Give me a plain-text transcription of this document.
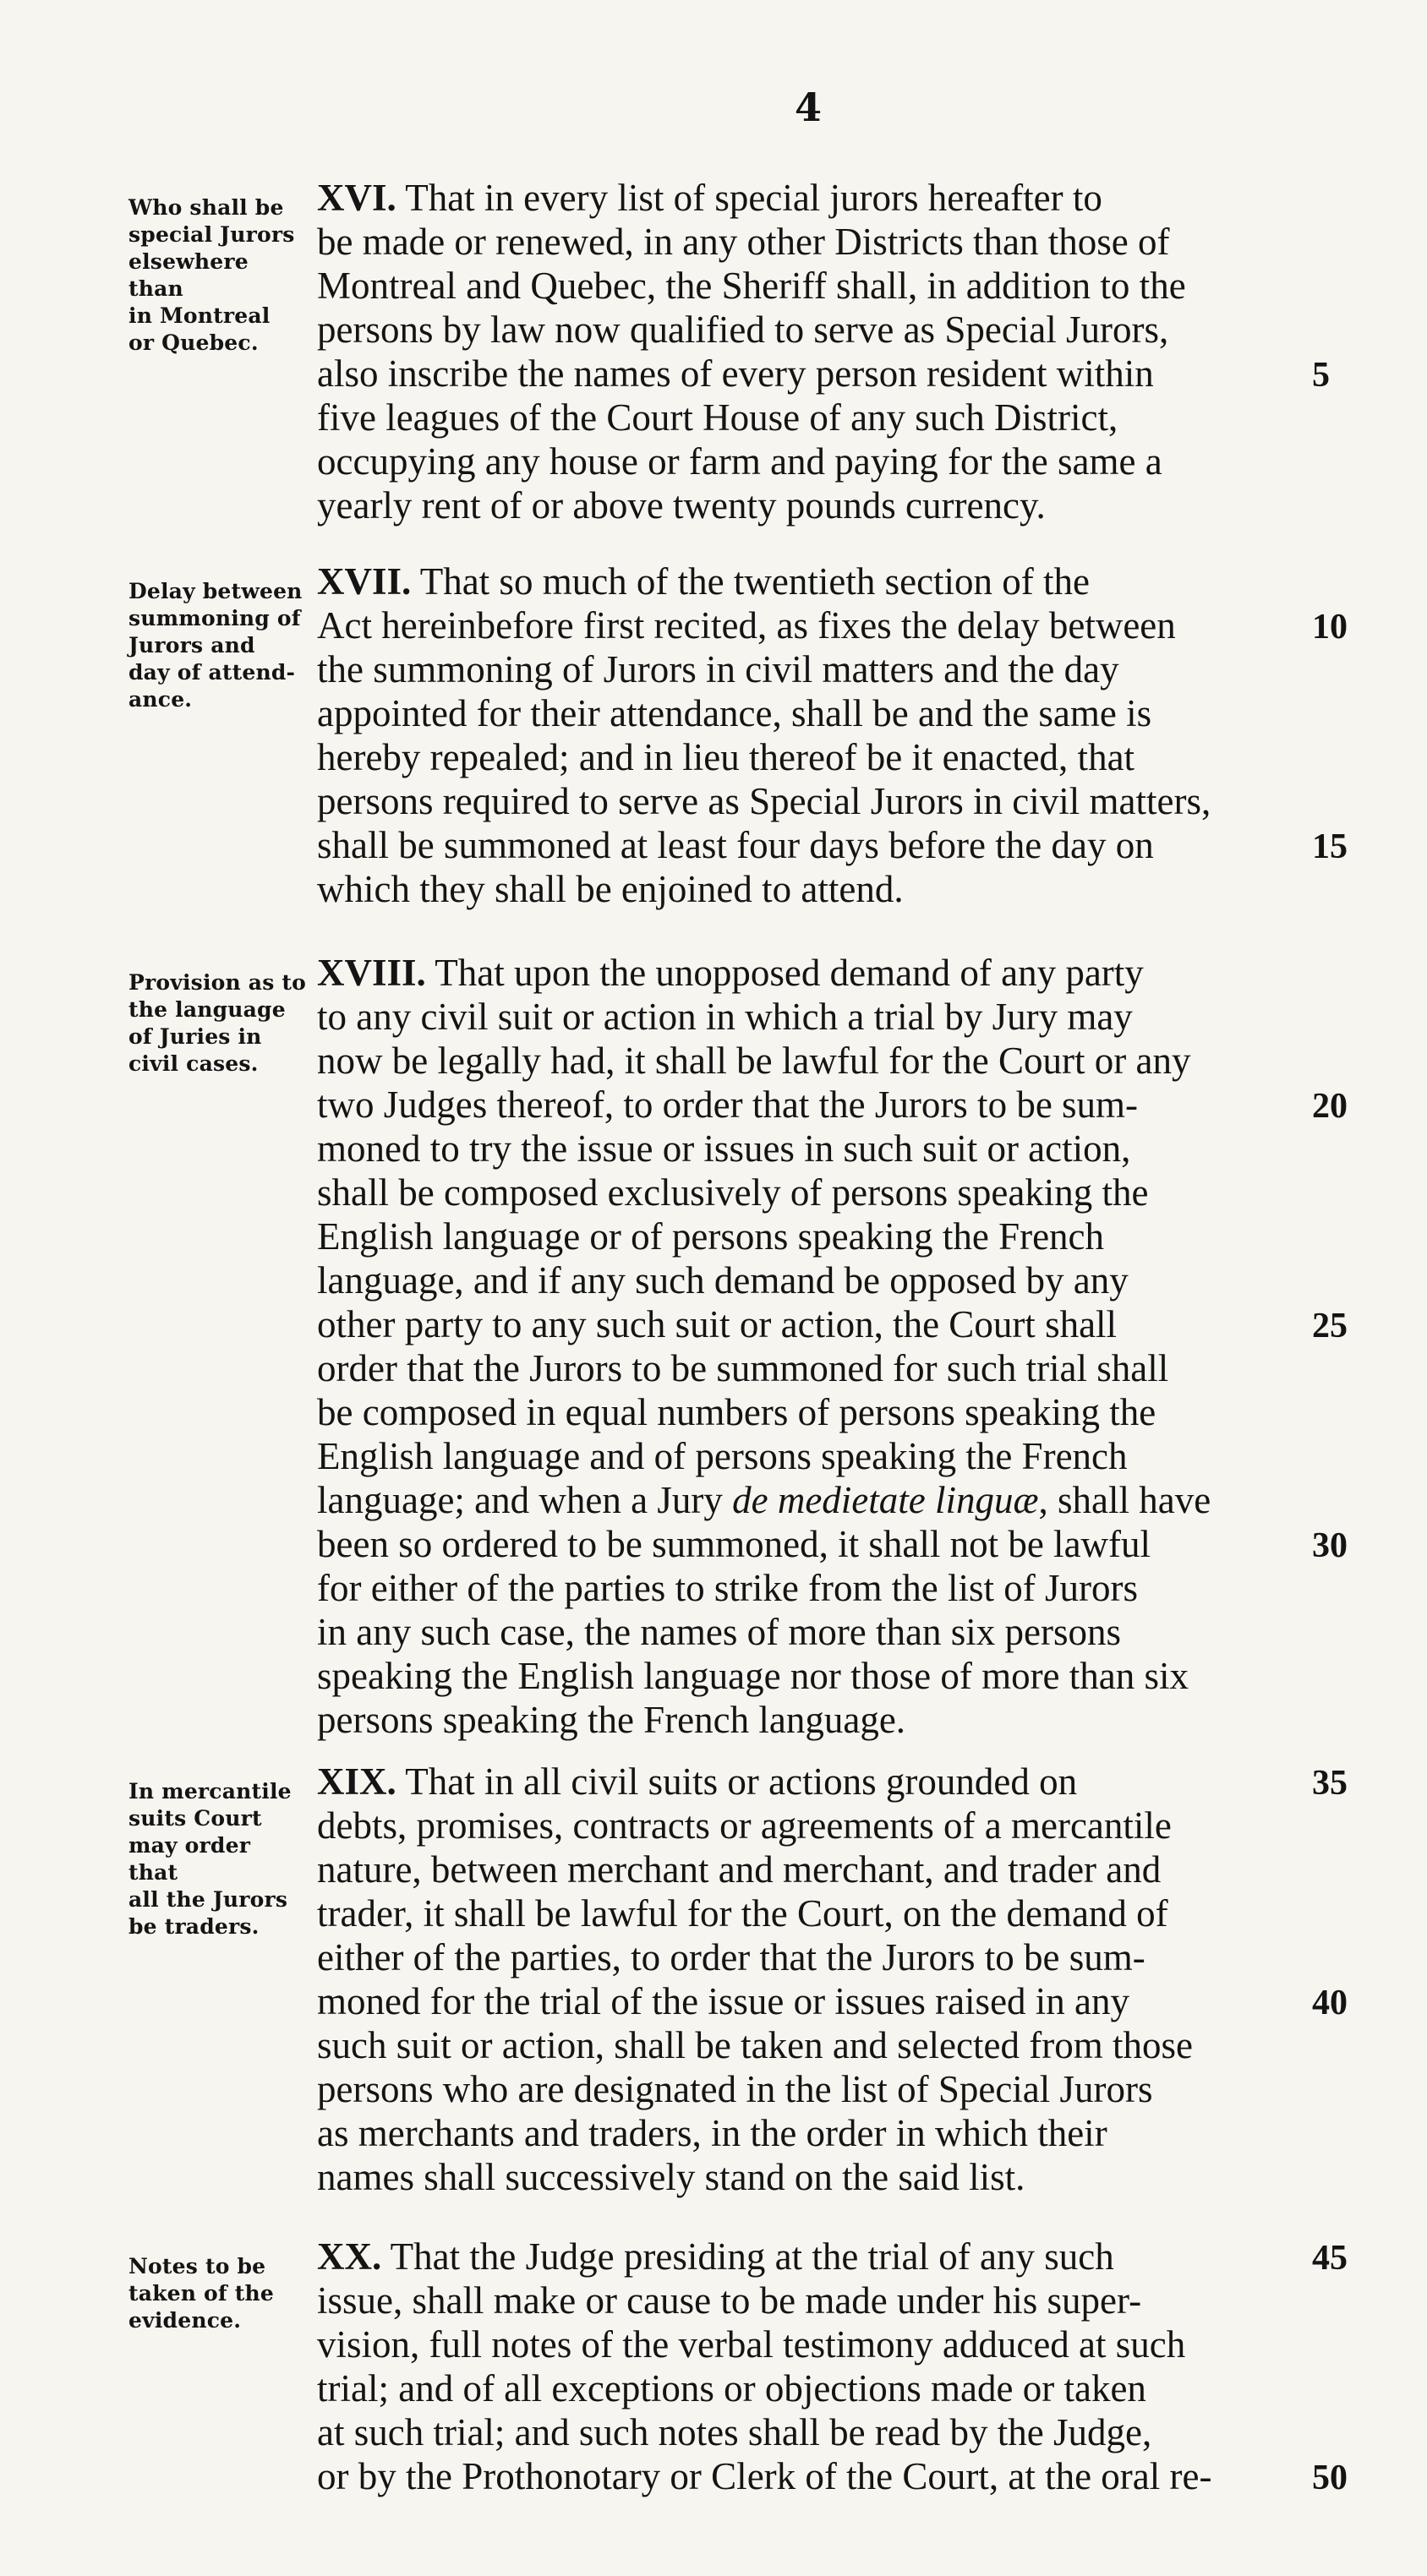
4
Who shall be
special Jurors
elsewhere than
in Montreal
or Quebec.
XVI. That in every list of special jurors hereafter to
be made or renewed, in any other Districts than those of
Montreal and Quebec, the Sheriff shall, in addition to the
persons by law now qualified to serve as Special Jurors,
also inscribe the names of every person resident within	5
five leagues of the Court House of any such District,
occupying any house or farm and paying for the same a
yearly rent of or above twenty pounds currency.
Delay between
summoning of
Jurors and
day of attend-
ance.
XVII. That so much of the twentieth section of the
Act hereinbefore first recited, as fixes the delay between	10
the summoning of Jurors in civil matters and the day
appointed for their attendance, shall be and the same is
hereby repealed; and in lieu thereof be it enacted, that
persons required to serve as Special Jurors in civil matters,
shall be summoned at least four days before the day on	15
which they shall be enjoined to attend.
Provision as to
the language
of Juries in
civil cases.
XVIII. That upon the unopposed demand of any party
to any civil suit or action in which a trial by Jury may
now be legally had, it shall be lawful for the Court or any
two Judges thereof, to order that the Jurors to be sum-	20
moned to try the issue or issues in such suit or action,
shall be composed exclusively of persons speaking the
English language or of persons speaking the French
language, and if any such demand be opposed by any
other party to any such suit or action, the Court shall	25
order that the Jurors to be summoned for such trial shall
be composed in equal numbers of persons speaking the
English language and of persons speaking the French
language; and when a Jury de medietate linguæ, shall have
been so ordered to be summoned, it shall not be lawful	30
for either of the parties to strike from the list of Jurors
in any such case, the names of more than six persons
speaking the English language nor those of more than six
persons speaking the French language.
In mercantile
suits Court
may order that
all the Jurors
be traders.
XIX. That in all civil suits or actions grounded on	35
debts, promises, contracts or agreements of a mercantile
nature, between merchant and merchant, and trader and
trader, it shall be lawful for the Court, on the demand of
either of the parties, to order that the Jurors to be sum-
moned for the trial of the issue or issues raised in any	40
such suit or action, shall be taken and selected from those
persons who are designated in the list of Special Jurors
as merchants and traders, in the order in which their
names shall successively stand on the said list.
Notes to be
taken of the
evidence.
XX. That the Judge presiding at the trial of any such	45
issue, shall make or cause to be made under his super-
vision, full notes of the verbal testimony adduced at such
trial; and of all exceptions or objections made or taken
at such trial; and such notes shall be read by the Judge,
or by the Prothonotary or Clerk of the Court, at the oral re-	50
